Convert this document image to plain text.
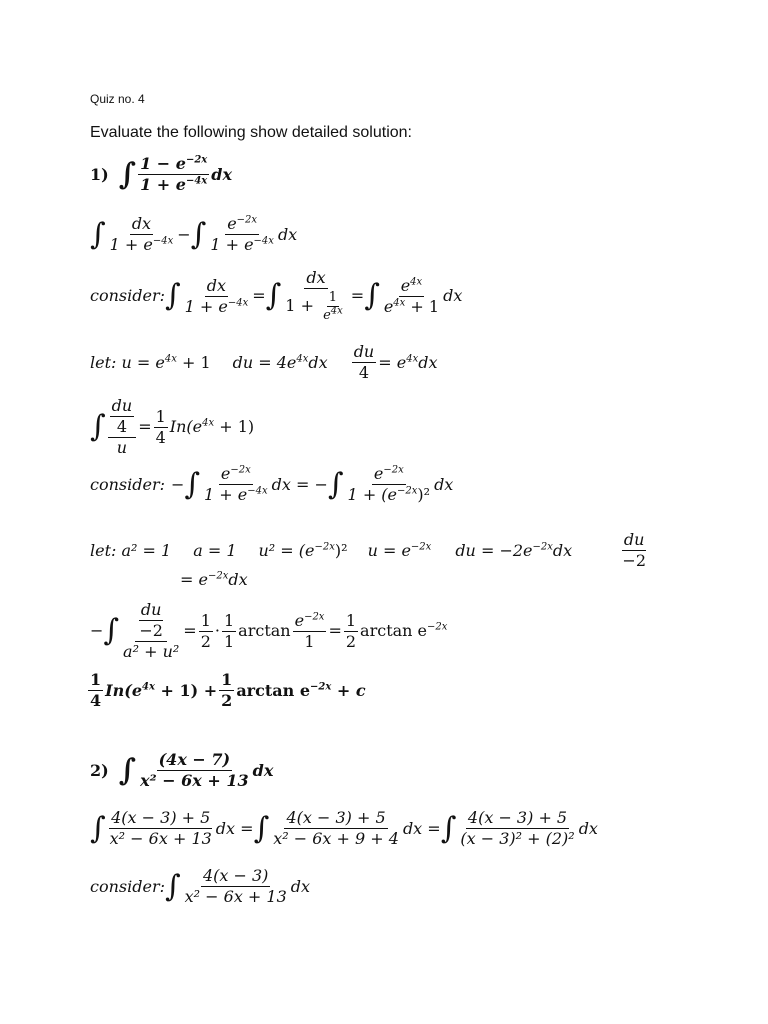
Quiz no. 4
Evaluate the following show detailed solution:
1) ∫ $\frac{1 - e^{-2x}}{1 + e^{-4x}}$ dx
∫ $\frac{dx}{1 + e^{-4x}}$ − ∫ $\frac{e^{-2x}}{1 + e^{-4x}}$ dx
consider: ∫ $\frac{dx}{1 + e^{-4x}}$ = ∫ $\frac{dx}{1 + \frac{1}{e^{4x}}}$ = ∫ $\frac{e^{4x}}{e^{4x} + 1}$ dx
let: $u = e^{4x} + 1$ du = $4e^{4x}dx \frac{du}{4} = e^{4x}dx$
∫ $\frac{\frac{du}{4}}{u} = \frac{1}{4} In(e^{4x} + 1)$
consider: − ∫ $\frac{e^{-2x}}{1 + e^{-4x}}$ dx = − ∫ $\frac{e^{-2x}}{1 + (e^{-2x})^2}$ dx
let: a² = 1 a = 1 $u^2 = (e^{-2x})^2$ $u = e^{-2x}$ du = $-2e^{-2x}dx$	$\frac{du}{-2}$
= $e^{-2x}dx$
− ∫ $\frac{\frac{du}{-2}}{\text{a² + u²}} = \frac{1}{2} \cdot \frac{1}{1}$ $\arctan \frac{e^{-2x}}{1} = \frac{1}{2}$ $\arctan e^{-2x}$
$\frac{1}{4} In(e^{4x} + 1) + \frac{1}{2}$ $\arctan e^{-2x} + c$
2) ∫ $\frac{(4x - 7)}{\text{x² − 6x + 13}}$ dx
∫ $\frac{4(x - 3) + 5}{\text{x² − 6x + 13}}$ dx = ∫ $\frac{4(x - 3) + 5}{\text{x² − 6x + 9 + 4}}$ dx = ∫ $\frac{4(x - 3) + 5}{\text{(x − 3)² + (2)²}}$ dx
consider: ∫ $\frac{4(x - 3)}{\text{x² − 6x + 13}}$ dx
